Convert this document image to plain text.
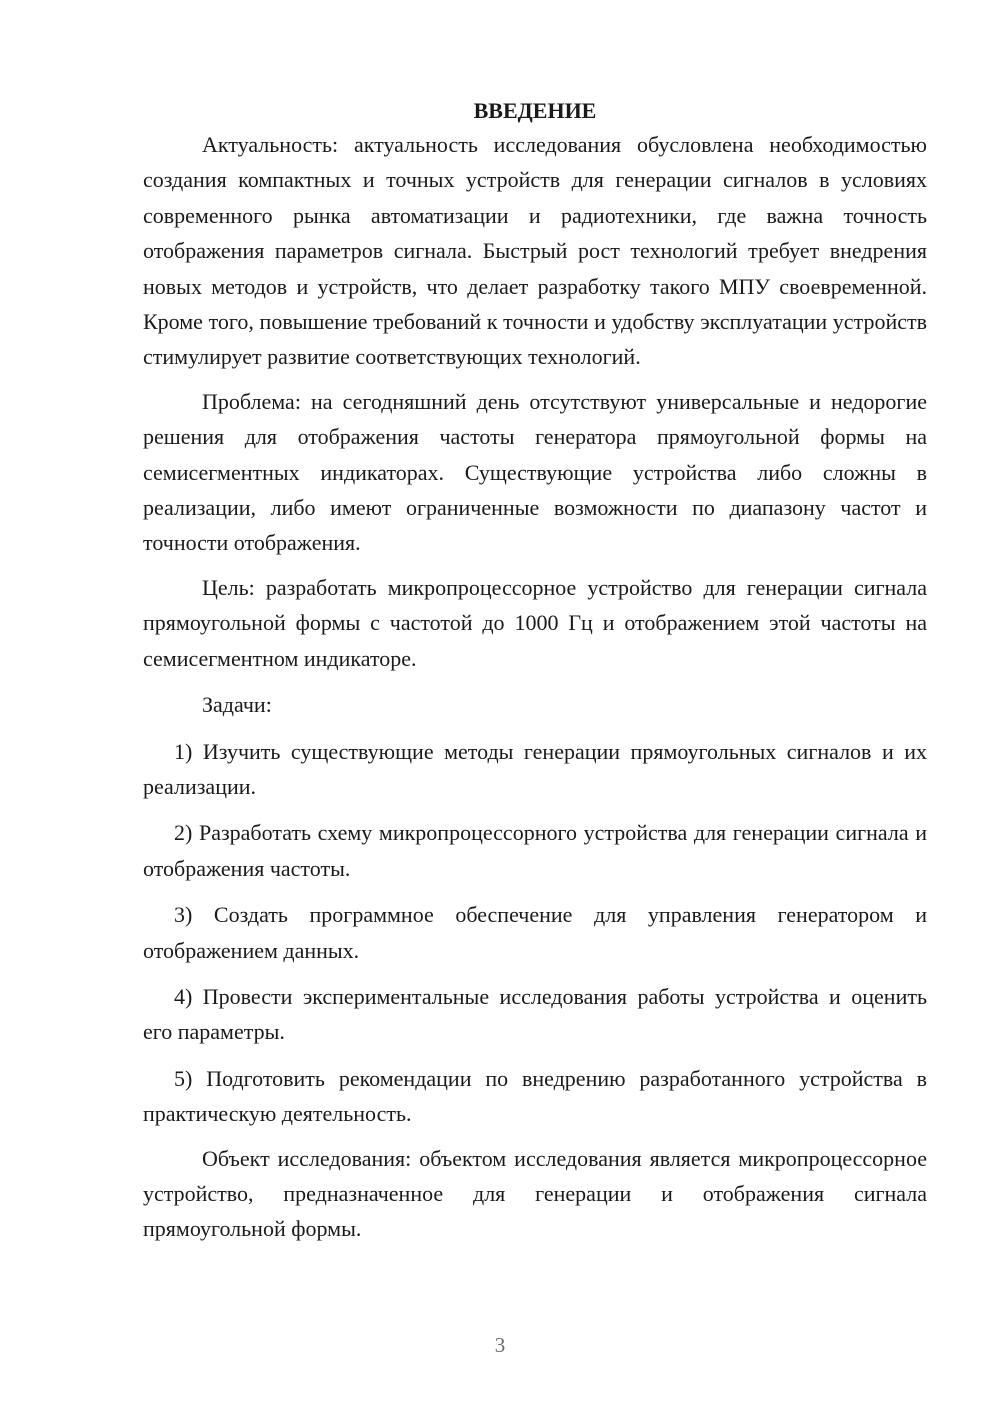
ВВЕДЕНИЕ

Актуальность: актуальность исследования обусловлена необходимостью создания компактных и точных устройств для генерации сигналов в условиях современного рынка автоматизации и радиотехники, где важна точность отображения параметров сигнала. Быстрый рост технологий требует внедрения новых методов и устройств, что делает разработку такого МПУ своевременной. Кроме того, повышение требований к точности и удобству эксплуатации устройств стимулирует развитие соответствующих технологий.

Проблема: на сегодняшний день отсутствуют универсальные и недорогие решения для отображения частоты генератора прямоугольной формы на семисегментных индикаторах. Существующие устройства либо сложны в реализации, либо имеют ограниченные возможности по диапазону частот и точности отображения.

Цель: разработать микропроцессорное устройство для генерации сигнала прямоугольной формы с частотой до 1000 Гц и отображением этой частоты на семисегментном индикаторе.

Задачи:

1) Изучить существующие методы генерации прямоугольных сигналов и их реализации.

2) Разработать схему микропроцессорного устройства для генерации сигнала и отображения частоты.

3) Создать программное обеспечение для управления генератором и отображением данных.

4) Провести экспериментальные исследования работы устройства и оценить его параметры.

5) Подготовить рекомендации по внедрению разработанного устройства в практическую деятельность.

Объект исследования: объектом исследования является микропроцессорное устройство, предназначенное для генерации и отображения сигнала прямоугольной формы.

3
